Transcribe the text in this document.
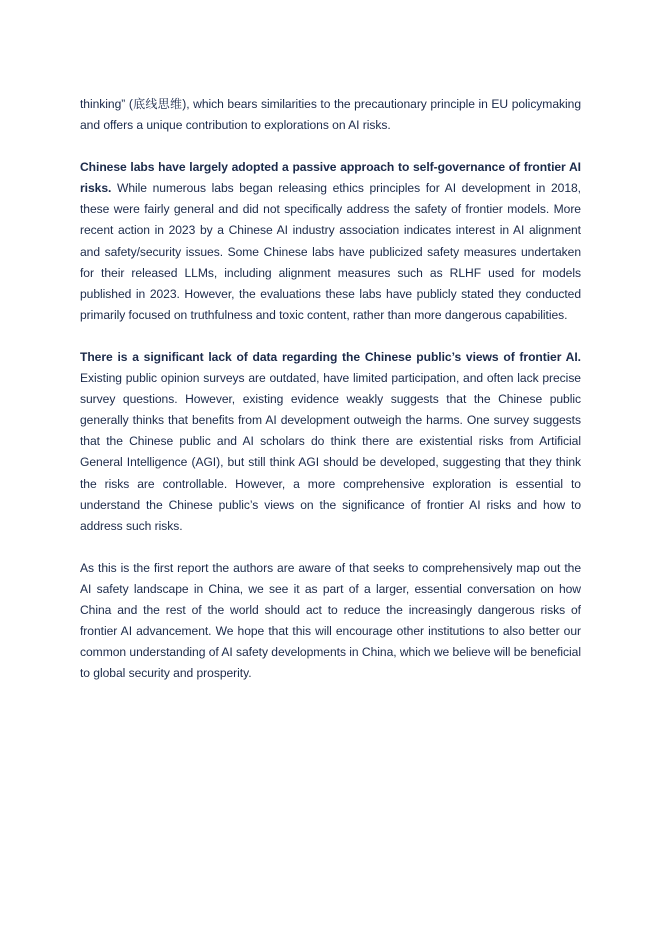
thinking” (底线思维), which bears similarities to the precautionary principle in EU policymaking and offers a unique contribution to explorations on AI risks.

Chinese labs have largely adopted a passive approach to self-governance of frontier AI risks. While numerous labs began releasing ethics principles for AI development in 2018, these were fairly general and did not specifically address the safety of frontier models. More recent action in 2023 by a Chinese AI industry association indicates interest in AI alignment and safety/security issues. Some Chinese labs have publicized safety measures undertaken for their released LLMs, including alignment measures such as RLHF used for models published in 2023. However, the evaluations these labs have publicly stated they conducted primarily focused on truthfulness and toxic content, rather than more dangerous capabilities.

There is a significant lack of data regarding the Chinese public’s views of frontier AI. Existing public opinion surveys are outdated, have limited participation, and often lack precise survey questions. However, existing evidence weakly suggests that the Chinese public generally thinks that benefits from AI development outweigh the harms. One survey suggests that the Chinese public and AI scholars do think there are existential risks from Artificial General Intelligence (AGI), but still think AGI should be developed, suggesting that they think the risks are controllable. However, a more comprehensive exploration is essential to understand the Chinese public’s views on the significance of frontier AI risks and how to address such risks.

As this is the first report the authors are aware of that seeks to comprehensively map out the AI safety landscape in China, we see it as part of a larger, essential conversation on how China and the rest of the world should act to reduce the increasingly dangerous risks of frontier AI advancement. We hope that this will encourage other institutions to also better our common understanding of AI safety developments in China, which we believe will be beneficial to global security and prosperity.
